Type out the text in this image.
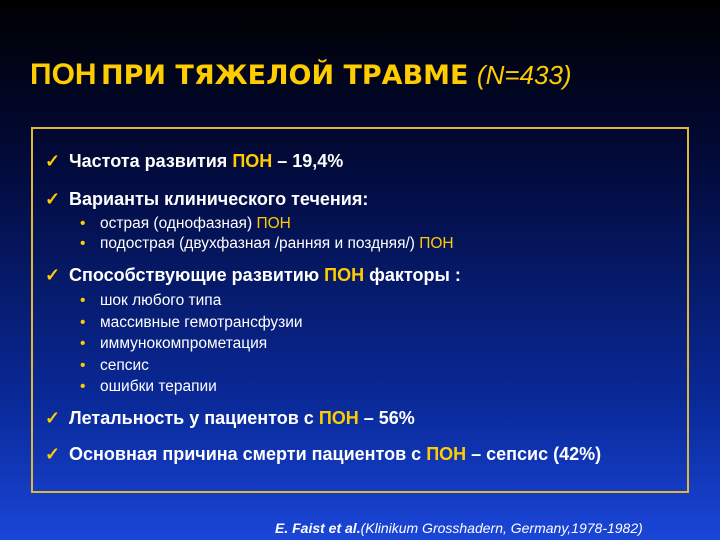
ПОН ПРИ ТЯЖЕЛОЙ ТРАВМЕ (N=433)
✓ Частота развития ПОН – 19,4%
✓ Варианты клинического течения:
• острая (однофазная) ПОН
• подострая (двухфазная /ранняя и поздняя/) ПОН
✓ Способствующие развитию ПОН факторы :
• шок любого типа
• массивные гемотрансфузии
• иммунокомпрометация
• сепсис
• ошибки терапии
✓ Летальность у пациентов с ПОН – 56%
✓ Основная причина смерти пациентов с ПОН – сепсис (42%)
E. Faist et al.(Klinikum Grosshadern, Germany,1978-1982)
